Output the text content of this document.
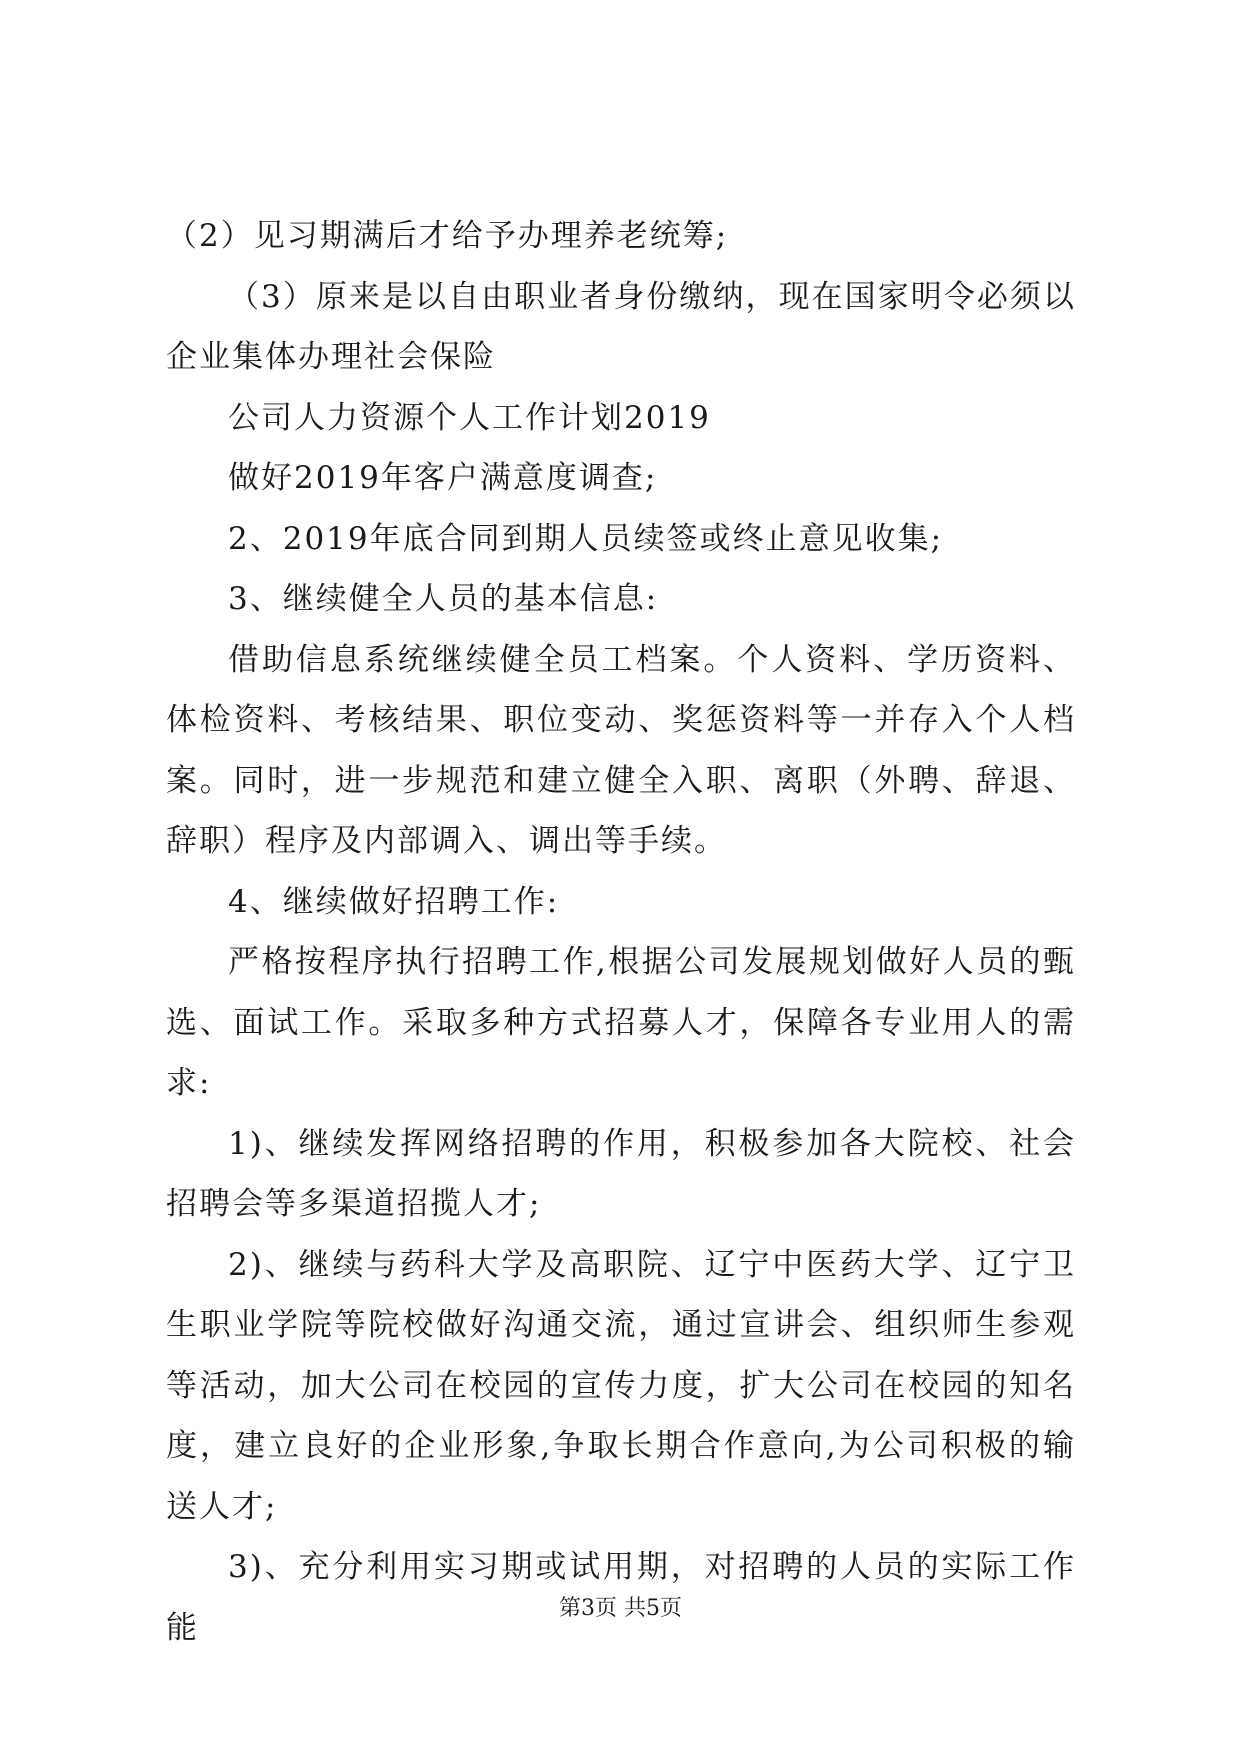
（2）见习期满后才给予办理养老统筹;

（3）原来是以自由职业者身份缴纳，现在国家明令必须以企业集体办理社会保险

公司人力资源个人工作计划2019

做好2019年客户满意度调查;

2、2019年底合同到期人员续签或终止意见收集;

3、继续健全人员的基本信息:

借助信息系统继续健全员工档案。个人资料、学历资料、体检资料、考核结果、职位变动、奖惩资料等一并存入个人档案。同时，进一步规范和建立健全入职、离职（外聘、辞退、辞职）程序及内部调入、调出等手续。

4、继续做好招聘工作:

严格按程序执行招聘工作,根据公司发展规划做好人员的甄选、面试工作。采取多种方式招募人才，保障各专业用人的需求:

1)、继续发挥网络招聘的作用，积极参加各大院校、社会招聘会等多渠道招揽人才;

2)、继续与药科大学及高职院、辽宁中医药大学、辽宁卫生职业学院等院校做好沟通交流，通过宣讲会、组织师生参观等活动，加大公司在校园的宣传力度，扩大公司在校园的知名度，建立良好的企业形象,争取长期合作意向,为公司积极的输送人才;

3)、充分利用实习期或试用期，对招聘的人员的实际工作能

第3页 共5页
